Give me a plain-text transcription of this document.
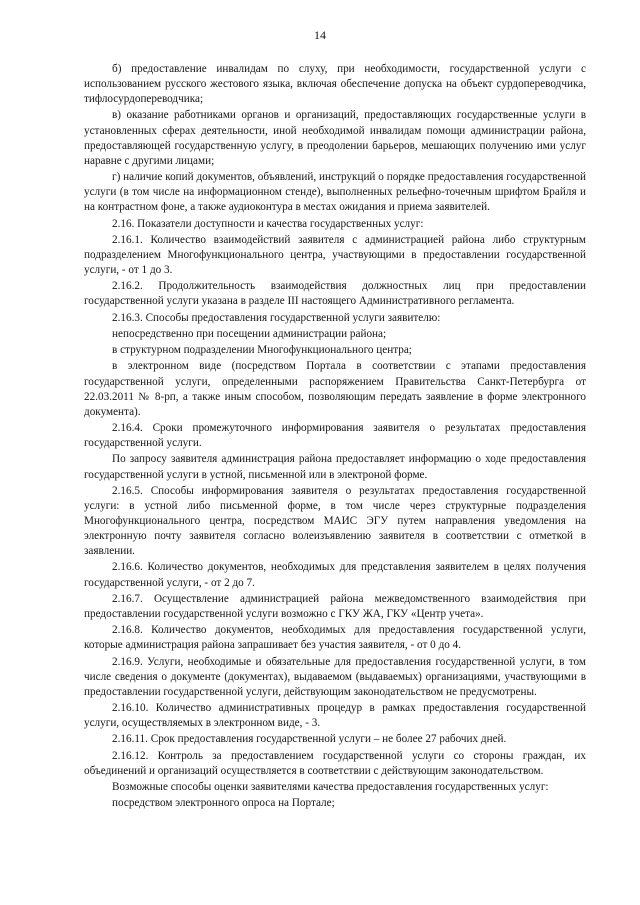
14

б) предоставление инвалидам по слуху, при необходимости, государственной услуги с использованием русского жестового языка, включая обеспечение допуска на объект сурдопереводчика, тифлосурдопереводчика;

в) оказание работниками органов и организаций, предоставляющих государственные услуги в установленных сферах деятельности, иной необходимой инвалидам помощи администрации района, предоставляющей государственную услугу, в преодолении барьеров, мешающих получению ими услуг наравне с другими лицами;

г) наличие копий документов, объявлений, инструкций о порядке предоставления государственной услуги (в том числе на информационном стенде), выполненных рельефно-точечным шрифтом Брайля и на контрастном фоне, а также аудиоконтура в местах ожидания и приема заявителей.

2.16. Показатели доступности и качества государственных услуг:

2.16.1. Количество взаимодействий заявителя с администрацией района либо структурным подразделением Многофункционального центра, участвующими в предоставлении государственной услуги, - от 1 до 3.

2.16.2. Продолжительность взаимодействия должностных лиц при предоставлении государственной услуги указана в разделе III настоящего Административного регламента.

2.16.3. Способы предоставления государственной услуги заявителю:

непосредственно при посещении администрации района;

в структурном подразделении Многофункционального центра;

в электронном виде (посредством Портала в соответствии с этапами предоставления государственной услуги, определенными распоряжением Правительства Санкт-Петербурга от 22.03.2011 № 8-рп, а также иным способом, позволяющим передать заявление в форме электронного документа).

2.16.4. Сроки промежуточного информирования заявителя о результатах предоставления государственной услуги.

По запросу заявителя администрация района предоставляет информацию о ходе предоставления государственной услуги в устной, письменной или в электроной форме.

2.16.5. Способы информирования заявителя о результатах предоставления государственной услуги: в устной либо письменной форме, в том числе через структурные подразделения Многофункционального центра, посредством МАИС ЭГУ путем направления уведомления на электронную почту заявителя согласно волеизъявлению заявителя в соответствии с отметкой в заявлении.

2.16.6. Количество документов, необходимых для представления заявителем в целях получения государственной услуги, - от 2 до 7.

2.16.7. Осуществление администрацией района межведомственного взаимодействия при предоставлении государственной услуги возможно с ГКУ ЖА, ГКУ «Центр учета».

2.16.8. Количество документов, необходимых для предоставления государственной услуги, которые администрация района запрашивает без участия заявителя, - от 0 до 4.

2.16.9. Услуги, необходимые и обязательные для предоставления государственной услуги, в том числе сведения о документе (документах), выдаваемом (выдаваемых) организациями, участвующими в предоставлении государственной услуги, действующим законодательством не предусмотрены.

2.16.10. Количество административных процедур в рамках предоставления государственной услуги, осуществляемых в электронном виде, - 3.

2.16.11. Срок предоставления государственной услуги – не более 27 рабочих дней.

2.16.12. Контроль за предоставлением государственной услуги со стороны граждан, их объединений и организаций осуществляется в соответствии с действующим законодательством.

Возможные способы оценки заявителями качества предоставления государственных услуг:

посредством электронного опроса на Портале;
